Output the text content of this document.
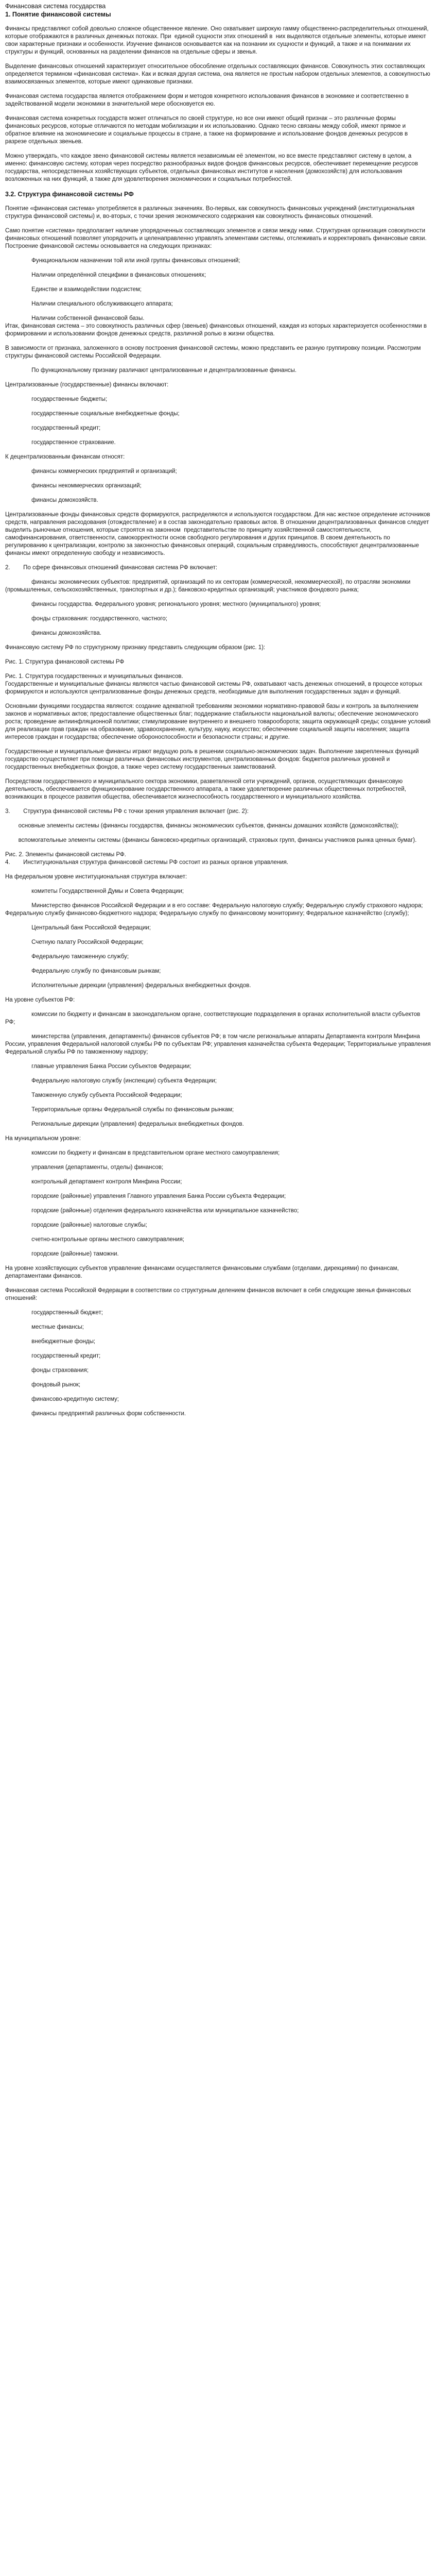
Финансовая система государства
1. Понятие финансовой системы
Финансы представляют собой довольно сложное общественное явление. Оно охватывает широкую гамму общественно-распределительных отношений, которые отображаются в различных денежных потоках. При  единой сущности этих отношений в  них выделяются отдельные элементы, которые имеют свои характерные признаки и особенности. Изучение финансов основывается как на познании их сущности и функций, а также и на понимании их структуры и функций, основанных на разделении финансов на отдельные сферы и звенья.
Выделение финансовых отношений характеризует относительное обособление отдельных составляющих финансов. Совокупность этих составляющих определяется термином «финансовая система». Как и всякая другая система, она является не простым набором отдельных элементов, а совокупностью взаимосвязанных элементов, которые имеют одинаковые признаки.
Финансовая система государства является отображением форм и методов конкретного использования финансов в экономике и соответственно в задействованной модели экономики в значительной мере обосновуется ею.
Финансовая система конкретных государств может отличаться по своей структуре, но все они имеют общий признак – это различные формы финансовых ресурсов, которые отличаются по методам мобилизации и их использованию. Однако тесно связаны между собой, имеют прямое и обратное влияние на экономические и социальные процессы в стране, а также на формирование и использование фондов денежных ресурсов в разрезе отдельных звеньев.
Можно утверждать, что каждое звено финансовой системы является независимым её элементом, но все вместе представляют систему в целом, а именно: финансовую систему, которая через посредство разнообразных видов фондов финансовых ресурсов, обеспечивает перемещение ресурсов государства, непосредственных хозяйствующих субъектов, отдельных финансовых институтов и населения (домохозяйств) для использования возложенных на них функций, а также для удовлетворения экономических и социальных потребностей.
3.2. Структура финансовой системы РФ
Понятие «финансовая система» употребляется в различных значениях. Во-первых, как совокупность финансовых учреждений (институциональная структура финансовой системы) и, во-вторых, с точки зрения экономического содержания как совокупность финансовых отношений.
Само понятие «система» предполагает наличие упорядоченных составляющих элементов и связи между ними. Структурная организация совокупности финансовых отношений позволяет упорядочить и целенаправленно управлять элементами системы, отслеживать и корректировать финансовые связи. Построение финансовой системы основывается на следующих признаках:
Функциональном назначении той или иной группы финансовых отношений;
Наличии определённой специфики в финансовых отношениях;
Единстве и взаимодействии подсистем;
Наличии специального обслуживающего аппарата;
Наличии собственной финансовой базы.
Итак, финансовая система – это совокупность различных сфер (звеньев) финансовых отношений, каждая из которых характеризуется особенностями в формировании и использовании фондов денежных средств, различной ролью в жизни общества.
В зависимости от признака, заложенного в основу построения финансовой системы, можно представить ее разную группировку позиции. Рассмотрим структуры финансовой системы Российской Федерации.
По функциональному признаку различают централизованные и децентрализованные финансы.
Централизованные (государственные) финансы включают:
государственные бюджеты;
государственные социальные внебюджетные фонды;
государственный кредит;
государственное страхование.
К децентрализованным финансам относят:
финансы коммерческих предприятий и организаций;
финансы некоммерческих организаций;
финансы домохозяйств.
Централизованные фонды финансовых средств формируются, распределяются и используются государством. Для нас жесткое определение источников средств, направления расходования (отождествление) и в состав законодательно правовых актов. В отношении децентрализованных финансов следует выделить рыночные отношения, которые строятся на законном  представительстве по принципу хозяйственной самостоятельности, самофинансирования, ответственности, самокорректности основ свободного регулирования и других принципов. В своем деятельность по регулированию к централизации, контролю за законностью финансовых операций, социальным справедливость, способствуют децентрализованные финансы имеют определенную свободу и независимость.
2.        По сфере финансовых отношений финансовая система РФ включает:
финансы экономических субъектов: предприятий, организаций по их секторам (коммерческой, некоммерческой), по отраслям экономики (промышленных, сельскохозяйственных, транспортных и др.); банковско-кредитных организаций; участников фондового рынка;
финансы государства. Федерального уровня; регионального уровня; местного (муниципального) уровня;
фонды страхования: государственного, частного;
финансы домохозяйства.
Финансовую систему РФ по структурному признаку представить следующим образом (рис. 1):
Рис. 1. Структура финансовой системы РФ
Рис. 1. Структура государственных и муниципальных финансов.
Государственные и муниципальные финансы являются частью финансовой системы РФ, охватывают часть денежных отношений, в процессе которых формируются и используются централизованные фонды денежных средств, необходимые для выполнения государственных задач и функций.
Основными функциями государства являются: создание адекватной требованиям экономики нормативно-правовой базы и контроль за выполнением законов и нормативных актов; предоставление общественных благ; поддержание стабильности национальной валюты; обеспечение экономического роста; проведение антиинфляционной политики; стимулирование внутреннего и внешнего товарооборота; защита окружающей среды; создание условий для реализации прав граждан на образование, здравоохранение, культуру, науку, искусство; обеспечение социальной защиты населения; защита интересов граждан и государства; обеспечение обороноспособности и безопасности страны; и другие.
Государственные и муниципальные финансы играют ведущую роль в решении социально-экономических задач. Выполнение закрепленных функций государство осуществляет при помощи различных финансовых инструментов, централизованных фондов: бюджетов различных уровней и государственных внебюджетных фондов, а также через систему государственных заимствований.
Посредством государственного и муниципального сектора экономики, разветвленной сети учреждений, органов, осуществляющих финансовую деятельность, обеспечивается функционирование государственного аппарата, а также удовлетворение различных общественных потребностей, возникающих в процессе развития общества, обеспечивается жизнеспособность государственного и муниципального хозяйства.
3.        Структура финансовой системы РФ с точки зрения управления включает (рис. 2):
основные элементы системы (финансы государства, финансы экономических субъектов, финансы домашних хозяйств (домохозяйства));
вспомогательные элементы системы (финансы банковско-кредитных организаций, страховых групп, финансы участников рынка ценных бумаг).
Рис. 2. Элементы финансовой системы РФ.
4.        Институциональная структура финансовой системы РФ состоит из разных органов управления.
На федеральном уровне институциональная структура включает:
комитеты Государственной Думы и Совета Федерации;
Министерство финансов Российской Федерации и в его составе: Федеральную налоговую службу; Федеральную службу страхового надзора; Федеральную службу финансово-бюджетного надзора; Федеральную службу по финансовому мониторингу; Федеральное казначейство (службу);
Центральный банк Российской Федерации;
Счетную палату Российской Федерации;
Федеральную таможенную службу;
Федеральную службу по финансовым рынкам;
Исполнительные дирекции (управления) федеральных внебюджетных фондов.
На уровне субъектов РФ:
комиссии по бюджету и финансам в законодательном органе, соответствующие подразделения в органах исполнительной власти субъектов РФ;
министерства (управления, департаменты) финансов субъектов РФ; в том числе региональные аппараты Департамента контроля Минфина России, управления Федеральной налоговой службы РФ по субъектам РФ; управления казначейства субъекта Федерации; Территориальные управления Федеральной службы РФ по таможенному надзору;
главные управления Банка России субъектов Федерации;
Федеральную налоговую службу (инспекции) субъекта Федерации;
Таможенную службу субъекта Российской Федерации;
Территориальные органы Федеральной службы по финансовым рынкам;
Региональные дирекции (управления) федеральных внебюджетных фондов.
На муниципальном уровне:
комиссии по бюджету и финансам в представительном органе местного самоуправления;
управления (департаменты, отделы) финансов;
контрольный департамент контроля Минфина России;
городские (районные) управления Главного управления Банка России субъекта Федерации;
городские (районные) отделения федерального казначейства или муниципальное казначейство;
городские (районные) налоговые службы;
счетно-контрольные органы местного самоуправления;
городские (районные) таможни.
На уровне хозяйствующих субъектов управление финансами осуществляется финансовыми службами (отделами, дирекциями) по финансам, департаментами финансов.
Финансовая система Российской Федерации в соответствии со структурным делением финансов включает в себя следующие звенья финансовых отношений:
государственный бюджет;
местные финансы;
внебюджетные фонды;
государственный кредит;
фонды страхования;
фондовый рынок;
финансово-кредитную систему;
финансы предприятий различных форм собственности.
